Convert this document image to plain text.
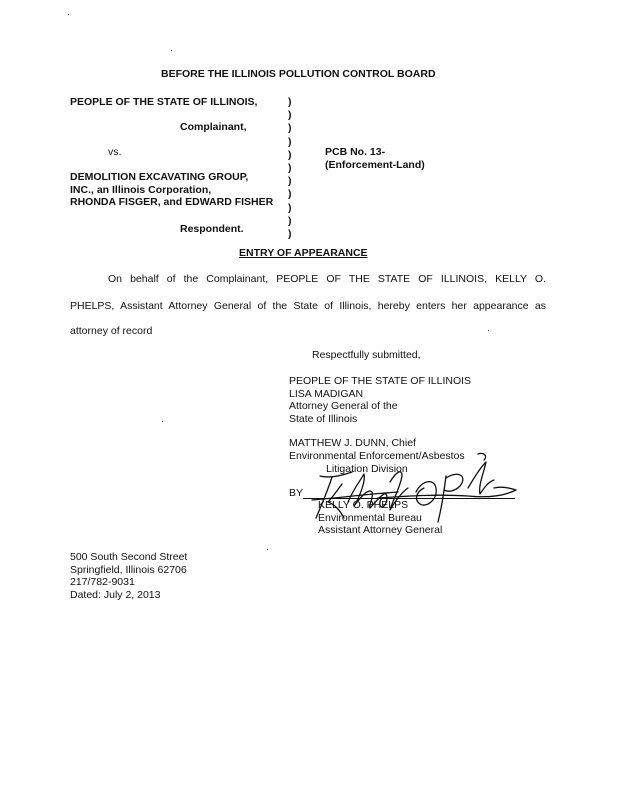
BEFORE THE ILLINOIS POLLUTION CONTROL BOARD
PEOPLE OF THE STATE OF ILLINOIS,
Complainant,
vs.
DEMOLITION EXCAVATING GROUP,
INC., an Illinois Corporation,
RHONDA FISGER, and EDWARD FISHER
Respondent.
)
)
)
)
)
)
)
)
)
)
)
PCB No. 13-
(Enforcement-Land)
ENTRY OF APPEARANCE
On behalf of the Complainant, PEOPLE OF THE STATE OF ILLINOIS, KELLY O.
PHELPS, Assistant Attorney General of the State of Illinois, hereby enters her appearance as
attorney of record
Respectfully submitted,
PEOPLE OF THE STATE OF ILLINOIS
LISA MADIGAN
Attorney General of the
State of Illinois
MATTHEW J. DUNN, Chief
Environmental Enforcement/Asbestos
Litigation Division
BY
KELLY O. PHELPS
Environmental Bureau
Assistant Attorney General
500 South Second Street
Springfield, Illinois 62706
217/782-9031
Dated: July 2, 2013
